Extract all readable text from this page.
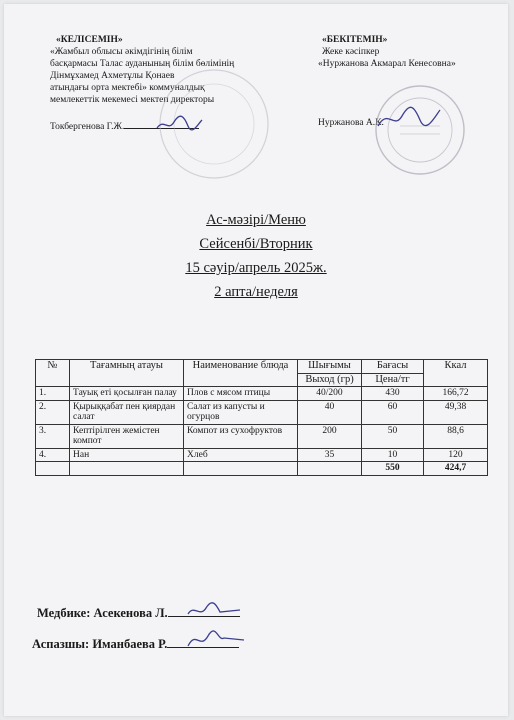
«КЕЛІСЕМІН»
«Жамбыл облысы әкімдігінің білім
басқармасы Талас ауданының білім бөлімінің
Дінмұхамед Ахметұлы Қонаев
атындағы орта мектебі» коммуналдық
мемлекеттік мекемесі мектеп директоры
Токбергенова Г.Ж.
«БЕКІТЕМІН»
Жеке кәсіпкер
«Нуржанова Акмарал Кенесовна»
Нуржанова А.К.
Ас-мәзірі/Меню
Сейсенбі/Вторник
15 сәуір/апрель 2025ж.
2 апта/неделя
№	Тағамның атауы	Наименование блюда	Шығымы	Бағасы	Ккал
			Выход (гр)	Цена/тг	
1.	Тауық еті қосылған палау	Плов с мясом птицы	40/200	430	166,72
2.	Қырыққабат пен қиярдан салат	Салат из капусты и огурцов	40	60	49,38
3.	Кептірілген жемістен компот	Компот из сухофруктов	200	50	88,6
4.	Нан	Хлеб	35	10	120
				550	424,7
Медбике: Асекенова Л.
Аспазшы: Иманбаева Р.
